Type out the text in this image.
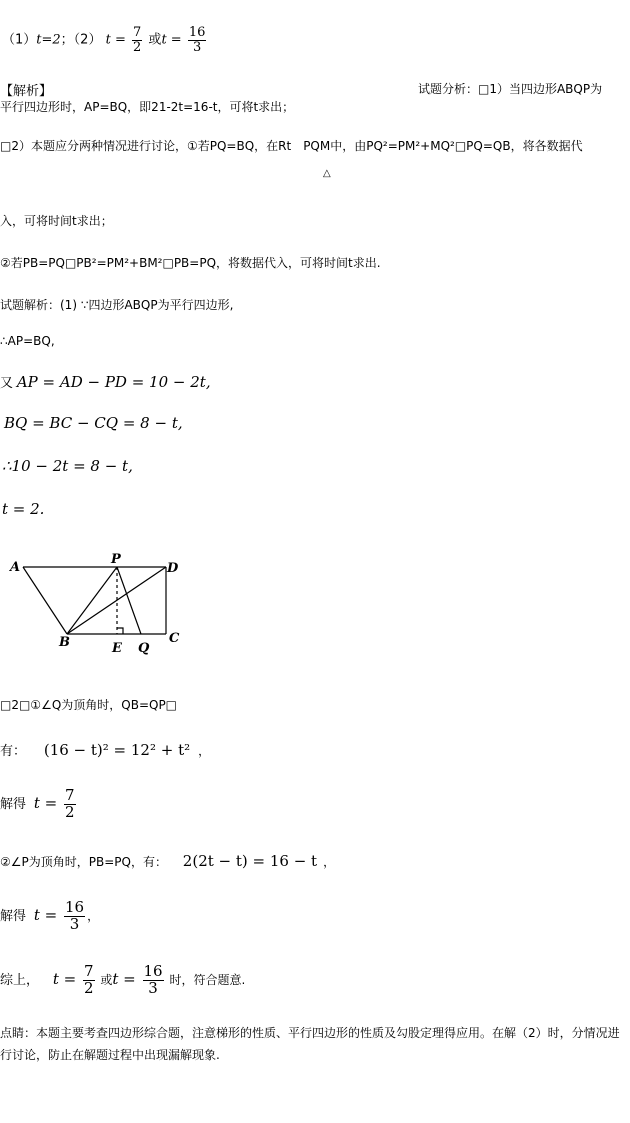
（1）t=2；（2） $t = \frac{7}{2}$ 或$t = \frac{16}{3}$
【解析】	试题分析：□1）当四边形ABQP为
平行四边形时，AP=BQ，即21-2t=16-t，可将t求出；
□2）本题应分两种情况进行讨论，①若PQ=BQ，在Rt　PQM中，由PQ²=PM²+MQ²□PQ=QB，将各数据代
△
入，可将时间t求出；
②若PB=PQ□PB²=PM²+BM²□PB=PQ，将数据代入，可将时间t求出.
试题解析：(1) ∵四边形ABQP为平行四边形,
∴AP=BQ,
又 AP = AD − PD = 10 − 2t,
BQ = BC − CQ = 8 − t,
∴10 − 2t = 8 − t,
t = 2.
A
P
D
B	E Q
C
□2□①∠Q为顶角时，QB=QP□
有： (16 − t)² = 12² + t² ，
解得 $t = \frac{7}{2}$
②∠P为顶角时，PB=PQ，有： 2(2t − t) = 16 − t ，
解得 $t = \frac{16}{3}$ ，
综上， $t = \frac{7}{2}$ 或$t = \frac{16}{3}$ 时，符合题意.
点睛：本题主要考查四边形综合题，注意梯形的性质、平行四边形的性质及勾股定理得应用。在解（2）时，分情况进行讨论，防止在解题过程中出现漏解现象.
